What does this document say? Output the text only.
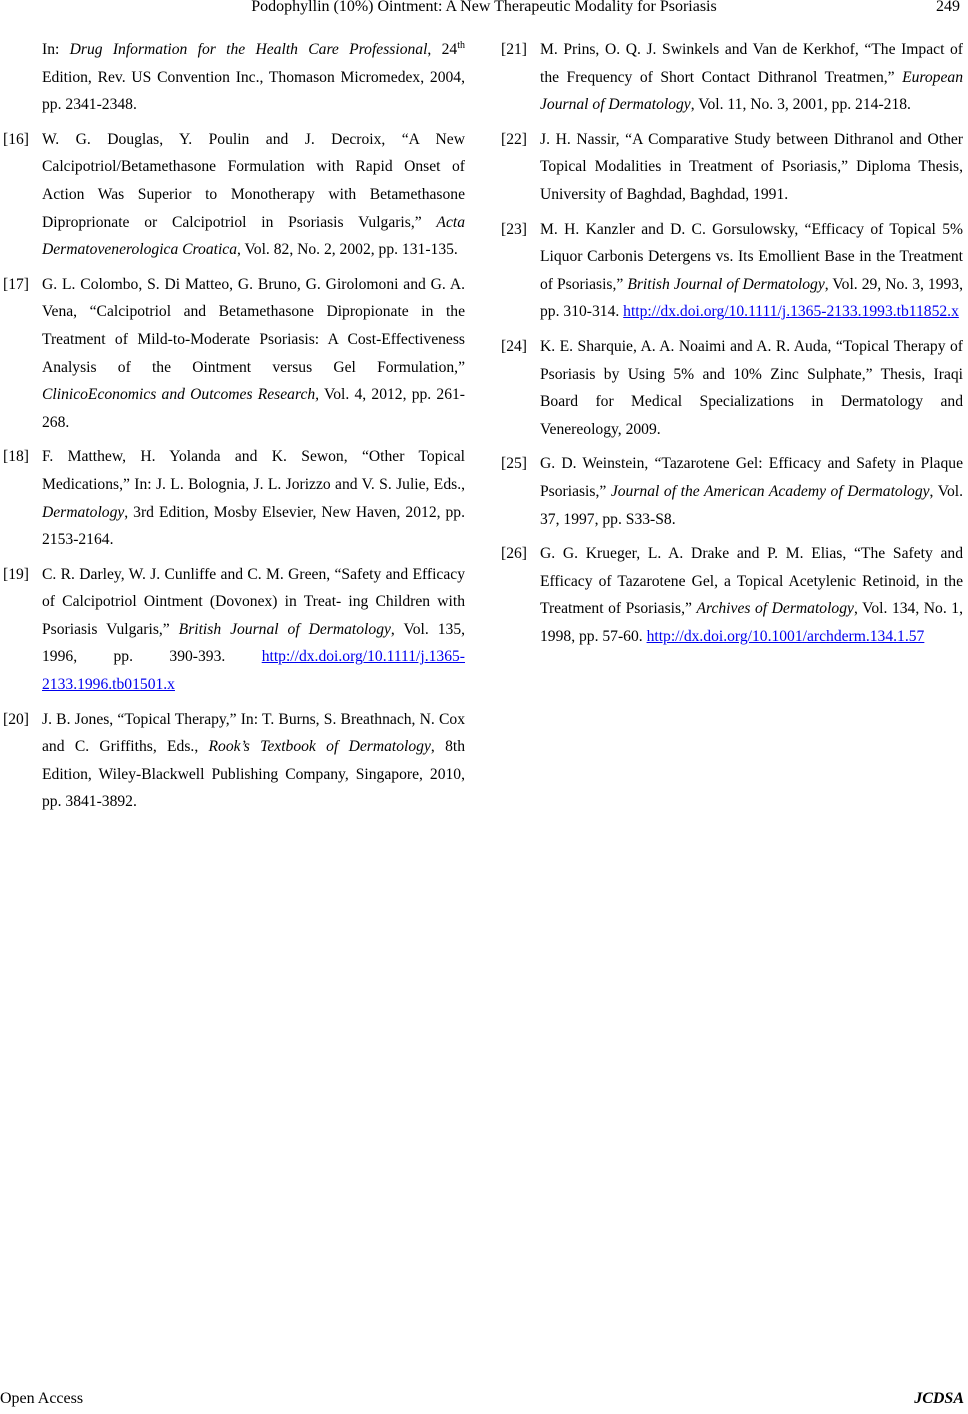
Podophyllin (10%) Ointment: A New Therapeutic Modality for Psoriasis	249
In: Drug Information for the Health Care Professional, 24th Edition, Rev. US Convention Inc., Thomason Micromedex, 2004, pp. 2341-2348.
[16] W. G. Douglas, Y. Poulin and J. Decroix, “A New Calcipotriol/Betamethasone Formulation with Rapid Onset of Action Was Superior to Monotherapy with Betamethasone Diproprionate or Calcipotriol in Psoriasis Vulgaris,” Acta Dermatovenerologica Croatica, Vol. 82, No. 2, 2002, pp. 131-135.
[17] G. L. Colombo, S. Di Matteo, G. Bruno, G. Girolomoni and G. A. Vena, “Calcipotriol and Betamethasone Dipropionate in the Treatment of Mild-to-Moderate Psoriasis: A Cost-Effectiveness Analysis of the Ointment versus Gel Formulation,” ClinicoEconomics and Outcomes Research, Vol. 4, 2012, pp. 261-268.
[18] F. Matthew, H. Yolanda and K. Sewon, “Other Topical Medications,” In: J. L. Bolognia, J. L. Jorizzo and V. S. Julie, Eds., Dermatology, 3rd Edition, Mosby Elsevier, New Haven, 2012, pp. 2153-2164.
[19] C. R. Darley, W. J. Cunliffe and C. M. Green, “Safety and Efficacy of Calcipotriol Ointment (Dovonex) in Treat- ing Children with Psoriasis Vulgaris,” British Journal of Dermatology, Vol. 135, 1996, pp. 390-393. http://dx.doi.org/10.1111/j.1365-2133.1996.tb01501.x
[20] J. B. Jones, “Topical Therapy,” In: T. Burns, S. Breathnach, N. Cox and C. Griffiths, Eds., Rook’s Textbook of Dermatology, 8th Edition, Wiley-Blackwell Publishing Company, Singapore, 2010, pp. 3841-3892.
[21] M. Prins, O. Q. J. Swinkels and Van de Kerkhof, “The Impact of the Frequency of Short Contact Dithranol Treatmen,” European Journal of Dermatology, Vol. 11, No. 3, 2001, pp. 214-218.
[22] J. H. Nassir, “A Comparative Study between Dithranol and Other Topical Modalities in Treatment of Psoriasis,” Diploma Thesis, University of Baghdad, Baghdad, 1991.
[23] M. H. Kanzler and D. C. Gorsulowsky, “Efficacy of Topical 5% Liquor Carbonis Detergens vs. Its Emollient Base in the Treatment of Psoriasis,” British Journal of Dermatology, Vol. 29, No. 3, 1993, pp. 310-314. http://dx.doi.org/10.1111/j.1365-2133.1993.tb11852.x
[24] K. E. Sharquie, A. A. Noaimi and A. R. Auda, “Topical Therapy of Psoriasis by Using 5% and 10% Zinc Sulphate,” Thesis, Iraqi Board for Medical Specializations in Dermatology and Venereology, 2009.
[25] G. D. Weinstein, “Tazarotene Gel: Efficacy and Safety in Plaque Psoriasis,” Journal of the American Academy of Dermatology, Vol. 37, 1997, pp. S33-S8.
[26] G. G. Krueger, L. A. Drake and P. M. Elias, “The Safety and Efficacy of Tazarotene Gel, a Topical Acetylenic Retinoid, in the Treatment of Psoriasis,” Archives of Dermatology, Vol. 134, No. 1, 1998, pp. 57-60. http://dx.doi.org/10.1001/archderm.134.1.57
Open Access	JCDSA
